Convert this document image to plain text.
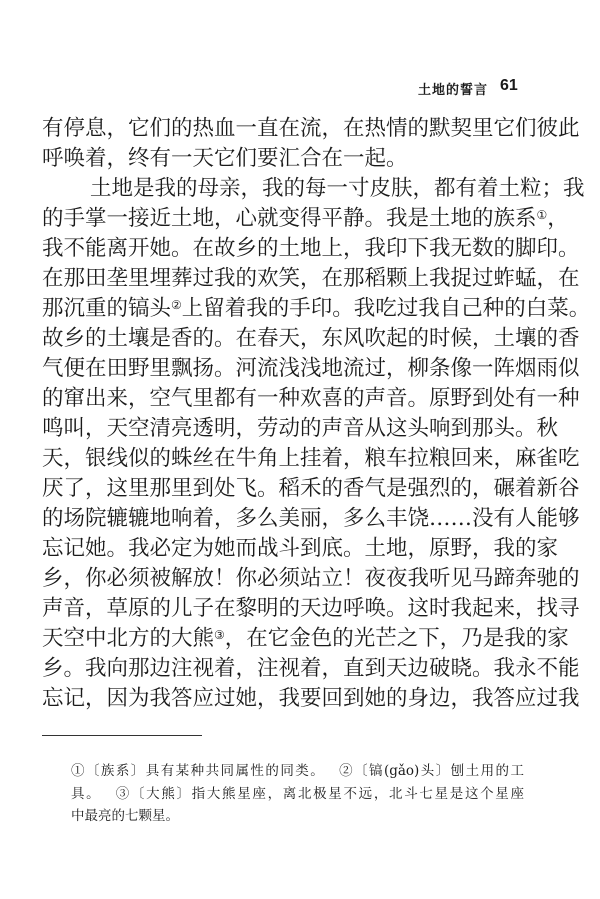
土地的誓言 61
有停息，它们的热血一直在流，在热情的默契里它们彼此
呼唤着，终有一天它们要汇合在一起。
土地是我的母亲，我的每一寸皮肤，都有着土粒；我
的手掌一接近土地，心就变得平静。我是土地的族系①，
我不能离开她。在故乡的土地上，我印下我无数的脚印。
在那田垄里埋葬过我的欢笑，在那稻颗上我捉过蚱蜢，在
那沉重的镐头②上留着我的手印。我吃过我自己种的白菜。
故乡的土壤是香的。在春天，东风吹起的时候，土壤的香
气便在田野里飘扬。河流浅浅地流过，柳条像一阵烟雨似
的窜出来，空气里都有一种欢喜的声音。原野到处有一种
鸣叫，天空清亮透明，劳动的声音从这头响到那头。秋
天，银线似的蛛丝在牛角上挂着，粮车拉粮回来，麻雀吃
厌了，这里那里到处飞。稻禾的香气是强烈的，碾着新谷
的场院辘辘地响着，多么美丽，多么丰饶……没有人能够
忘记她。我必定为她而战斗到底。土地，原野，我的家
乡，你必须被解放！你必须站立！夜夜我听见马蹄奔驰的
声音，草原的儿子在黎明的天边呼唤。这时我起来，找寻
天空中北方的大熊③，在它金色的光芒之下，乃是我的家
乡。我向那边注视着，注视着，直到天边破晓。我永不能
忘记，因为我答应过她，我要回到她的身边，我答应过我
①〔族系〕具有某种共同属性的同类。　 ②〔镐(gǎo)头〕刨土用的工
具。　 ③〔大熊〕指大熊星座，离北极星不远，北斗七星是这个星座
中最亮的七颗星。
